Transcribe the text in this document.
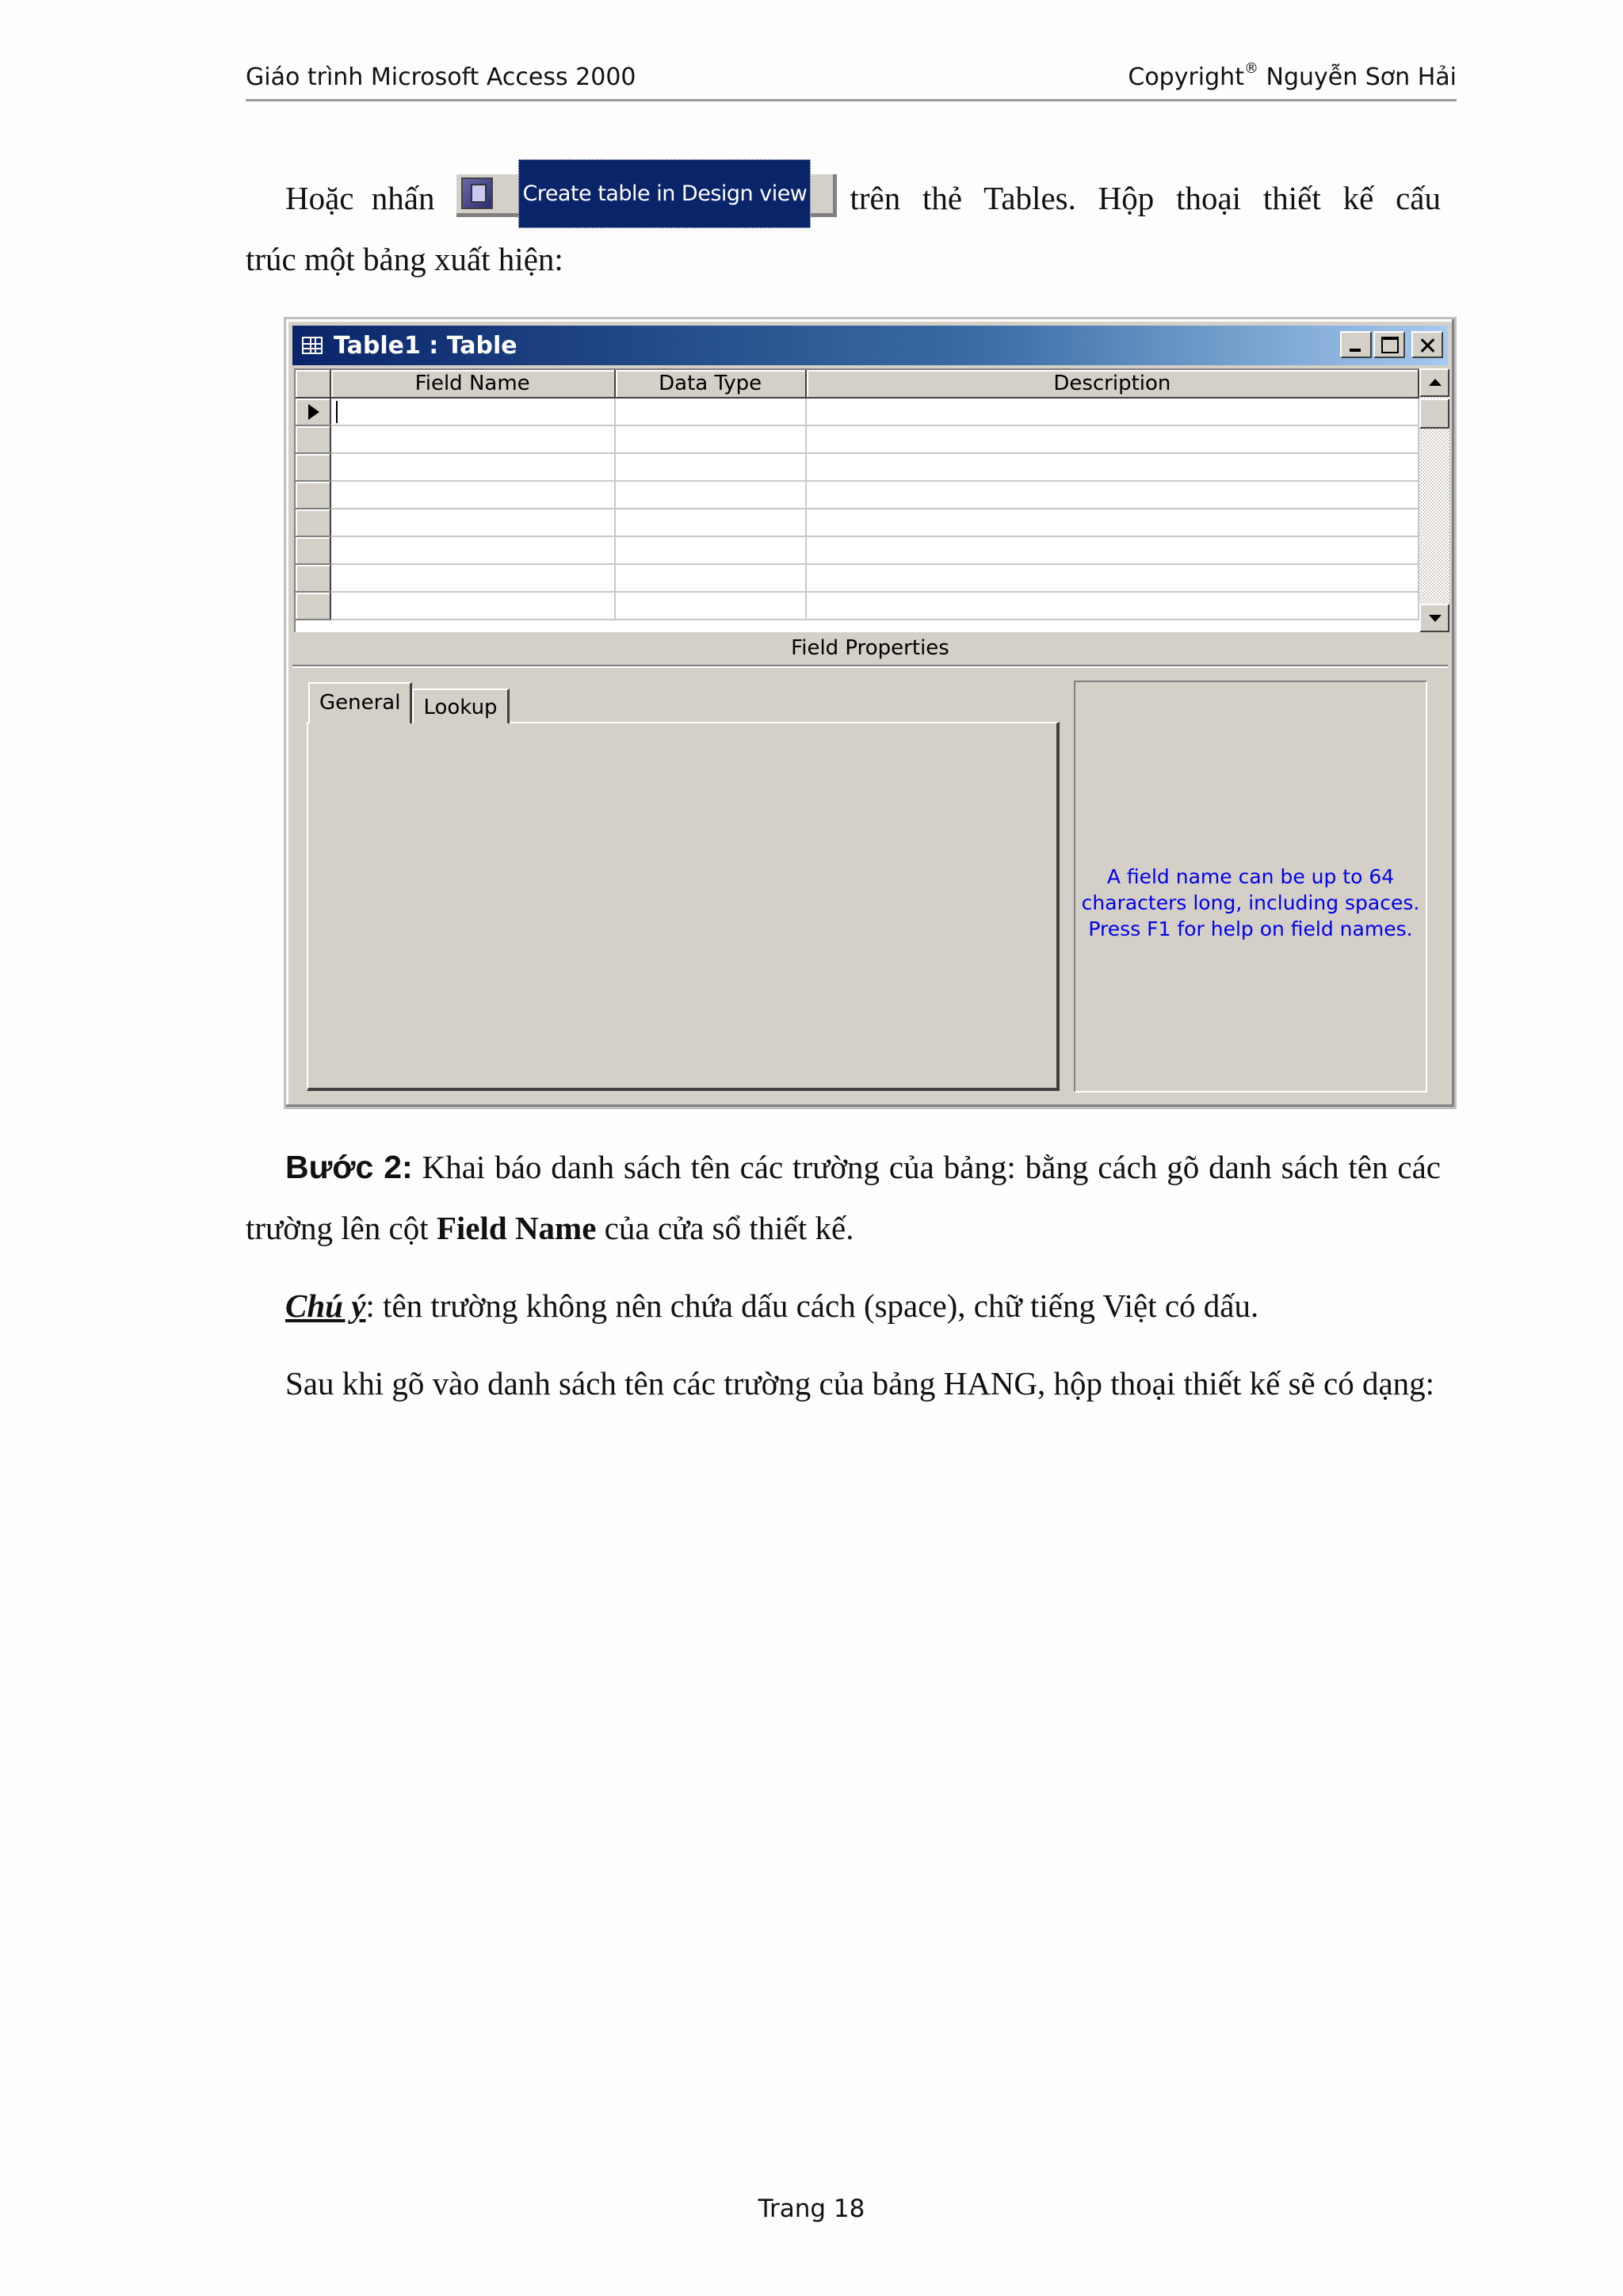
Giáo trình Microsoft Access 2000	Copyright® Nguyễn Sơn Hải
Hoặc nhấn	Create table in Design view trên thẻ Tables. Hộp thoại thiết kế cấu
trúc một bảng xuất hiện:
Table1 : Table
	Field Name	Data Type	Description

Field Properties
General	Lookup
A field name can be up to 64
characters long, including spaces.
Press F1 for help on field names.
Bước 2: Khai báo danh sách tên các trường của bảng: bằng cách gõ danh sách tên các trường lên cột Field Name của cửa sổ thiết kế.
Chú ý: tên trường không nên chứa dấu cách (space), chữ tiếng Việt có dấu.
Sau khi gõ vào danh sách tên các trường của bảng HANG, hộp thoại thiết kế sẽ có dạng:
Trang 18
